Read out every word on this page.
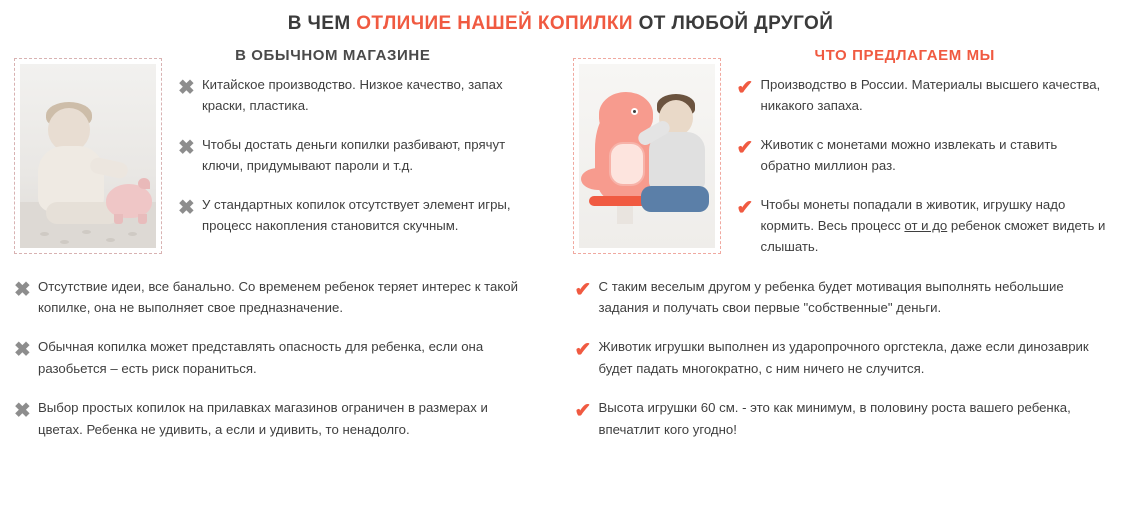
В ЧЕМ ОТЛИЧИЕ НАШЕЙ КОПИЛКИ ОТ ЛЮБОЙ ДРУГОЙ
В ОБЫЧНОМ МАГАЗИНЕ
✖ Китайское производство. Низкое качество, запах краски, пластика.
✖ Чтобы достать деньги копилки разбивают, прячут ключи, придумывают пароли и т.д.
✖ У стандартных копилок отсутствует элемент игры, процесс накопления становится скучным.
ЧТО ПРЕДЛАГАЕМ МЫ
✔ Производство в России. Материалы высшего качества, никакого запаха.
✔ Животик с монетами можно извлекать и ставить обратно миллион раз.
✔ Чтобы монеты попадали в животик, игрушку надо кормить. Весь процесс от и до ребенок сможет видеть и слышать.
✖ Отсутствие идеи, все банально. Со временем ребенок теряет интерес к такой копилке, она не выполняет свое предназначение.
✖ Обычная копилка может представлять опасность для ребенка, если она разобьется – есть риск пораниться.
✖ Выбор простых копилок на прилавках магазинов ограничен в размерах и цветах. Ребенка не удивить, а если и удивить, то ненадолго.
✔ С таким веселым другом у ребенка будет мотивация выполнять небольшие задания и получать свои первые "собственные" деньги.
✔ Животик игрушки выполнен из ударопрочного оргстекла, даже если динозаврик будет падать многократно, с ним ничего не случится.
✔ Высота игрушки 60 см. - это как минимум, в половину роста вашего ребенка, впечатлит кого угодно!
